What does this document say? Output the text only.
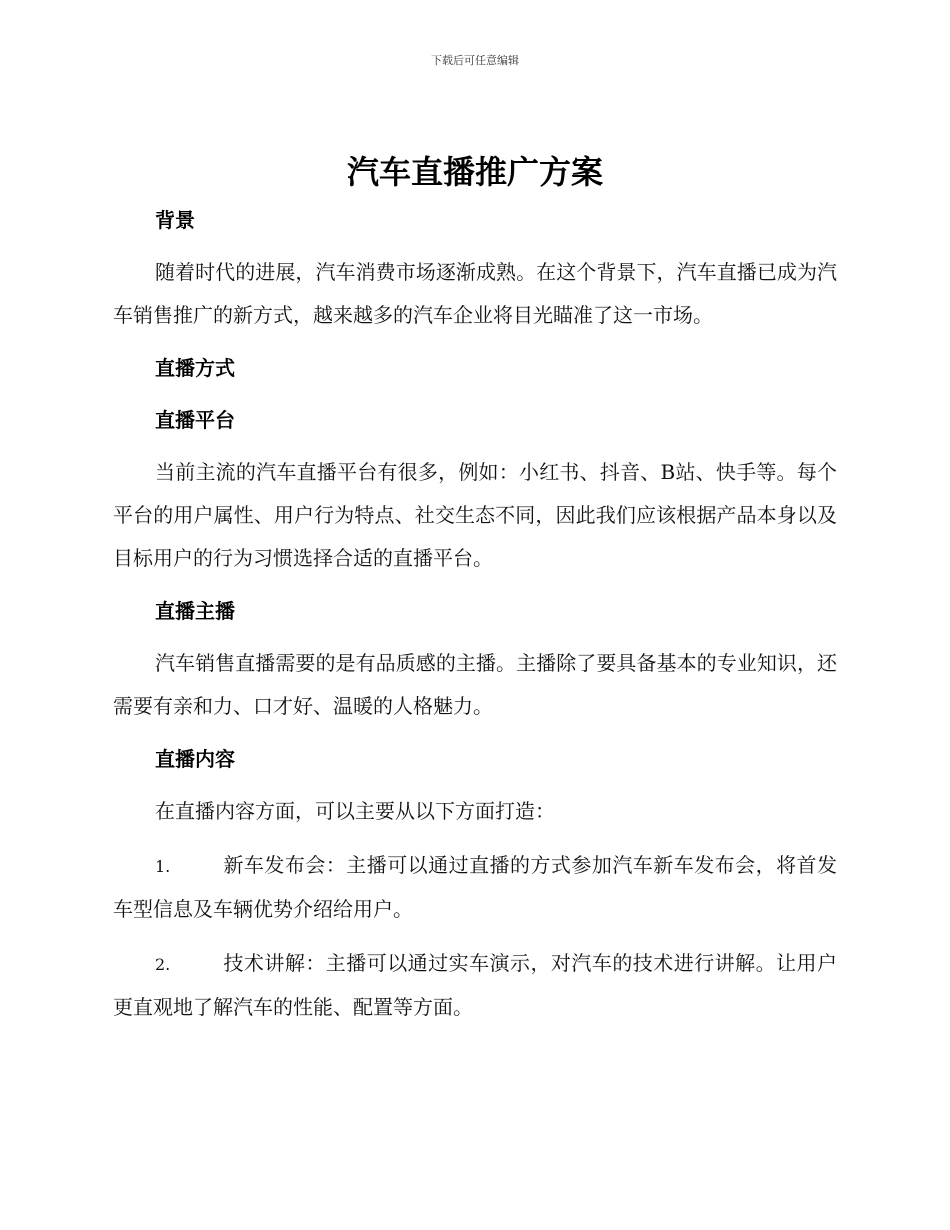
下载后可任意编辑
汽车直播推广方案

背景

随着时代的进展，汽车消费市场逐渐成熟。在这个背景下，汽车直播已成为汽车销售推广的新方式，越来越多的汽车企业将目光瞄准了这一市场。

直播方式

直播平台

当前主流的汽车直播平台有很多，例如：小红书、抖音、B站、快手等。每个平台的用户属性、用户行为特点、社交生态不同，因此我们应该根据产品本身以及目标用户的行为习惯选择合适的直播平台。

直播主播

汽车销售直播需要的是有品质感的主播。主播除了要具备基本的专业知识，还需要有亲和力、口才好、温暖的人格魅力。

直播内容

在直播内容方面，可以主要从以下方面打造：

1.	新车发布会：主播可以通过直播的方式参加汽车新车发布会，将首发车型信息及车辆优势介绍给用户。

2.	技术讲解：主播可以通过实车演示，对汽车的技术进行讲解。让用户更直观地了解汽车的性能、配置等方面。
